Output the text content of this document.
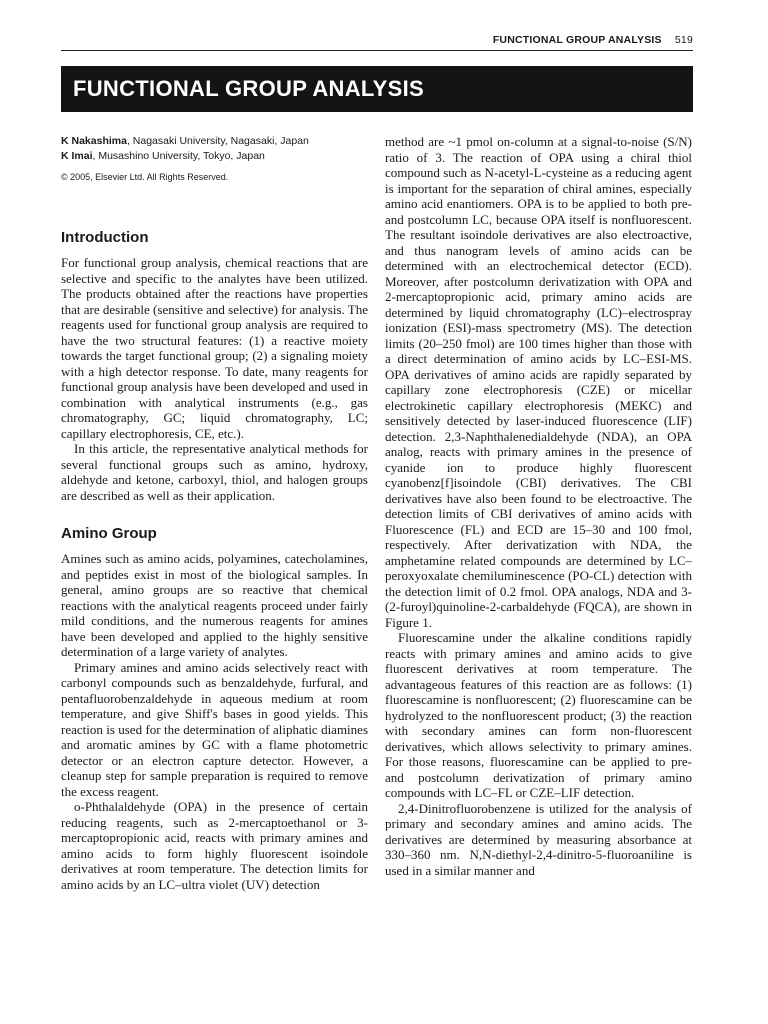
FUNCTIONAL GROUP ANALYSIS 519
FUNCTIONAL GROUP ANALYSIS
K Nakashima, Nagasaki University, Nagasaki, Japan
K Imai, Musashino University, Tokyo, Japan
© 2005, Elsevier Ltd. All Rights Reserved.
Introduction

For functional group analysis, chemical reactions that are selective and specific to the analytes have been utilized. The products obtained after the reactions have properties that are desirable (sensitive and selective) for analysis. The reagents used for functional group analysis are required to have the two structural features: (1) a reactive moiety towards the target functional group; (2) a signaling moiety with a high detector response. To date, many reagents for functional group analysis have been developed and used in combination with analytical instruments (e.g., gas chromatography, GC; liquid chromatography, LC; capillary electrophoresis, CE, etc.).

In this article, the representative analytical methods for several functional groups such as amino, hydroxy, aldehyde and ketone, carboxyl, thiol, and halogen groups are described as well as their application.

Amino Group

Amines such as amino acids, polyamines, catecholamines, and peptides exist in most of the biological samples. In general, amino groups are so reactive that chemical reactions with the analytical reagents proceed under fairly mild conditions, and the numerous reagents for amines have been developed and applied to the highly sensitive determination of a large variety of analytes.

Primary amines and amino acids selectively react with carbonyl compounds such as benzaldehyde, furfural, and pentafluorobenzaldehyde in aqueous medium at room temperature, and give Shiff's bases in good yields. This reaction is used for the determination of aliphatic diamines and aromatic amines by GC with a flame photometric detector or an electron capture detector. However, a cleanup step for sample preparation is required to remove the excess reagent.

o-Phthalaldehyde (OPA) in the presence of certain reducing reagents, such as 2-mercaptoethanol or 3-mercaptopropionic acid, reacts with primary amines and amino acids to form highly fluorescent isoindole derivatives at room temperature. The detection limits for amino acids by an LC–ultra violet (UV) detection

method are ~1 pmol on-column at a signal-to-noise (S/N) ratio of 3. The reaction of OPA using a chiral thiol compound such as N-acetyl-L-cysteine as a reducing agent is important for the separation of chiral amines, especially amino acid enantiomers. OPA is to be applied to both pre- and postcolumn LC, because OPA itself is nonfluorescent. The resultant isoindole derivatives are also electroactive, and thus nanogram levels of amino acids can be determined with an electrochemical detector (ECD). Moreover, after postcolumn derivatization with OPA and 2-mercaptopropionic acid, primary amino acids are determined by liquid chromatography (LC)–electrospray ionization (ESI)-mass spectrometry (MS). The detection limits (20–250 fmol) are 100 times higher than those with a direct determination of amino acids by LC–ESI-MS. OPA derivatives of amino acids are rapidly separated by capillary zone electrophoresis (CZE) or micellar electrokinetic capillary electrophoresis (MEKC) and sensitively detected by laser-induced fluorescence (LIF) detection. 2,3-Naphthalenedialdehyde (NDA), an OPA analog, reacts with primary amines in the presence of cyanide ion to produce highly fluorescent cyanobenz[f]isoindole (CBI) derivatives. The CBI derivatives have also been found to be electroactive. The detection limits of CBI derivatives of amino acids with Fluorescence (FL) and ECD are 15–30 and 100 fmol, respectively. After derivatization with NDA, the amphetamine related compounds are determined by LC–peroxyoxalate chemiluminescence (PO-CL) detection with the detection limit of 0.2 fmol. OPA analogs, NDA and 3-(2-furoyl)quinoline-2-carbaldehyde (FQCA), are shown in Figure 1.

Fluorescamine under the alkaline conditions rapidly reacts with primary amines and amino acids to give fluorescent derivatives at room temperature. The advantageous features of this reaction are as follows: (1) fluorescamine is nonfluorescent; (2) fluorescamine can be hydrolyzed to the nonfluorescent product; (3) the reaction with secondary amines can form non-fluorescent derivatives, which allows selectivity to primary amines. For those reasons, fluorescamine can be applied to pre- and postcolumn derivatization of primary amino compounds with LC–FL or CZE–LIF detection.

2,4-Dinitrofluorobenzene is utilized for the analysis of primary and secondary amines and amino acids. The derivatives are determined by measuring absorbance at 330–360 nm. N,N-diethyl-2,4-dinitro-5-fluoroaniline is used in a similar manner and
